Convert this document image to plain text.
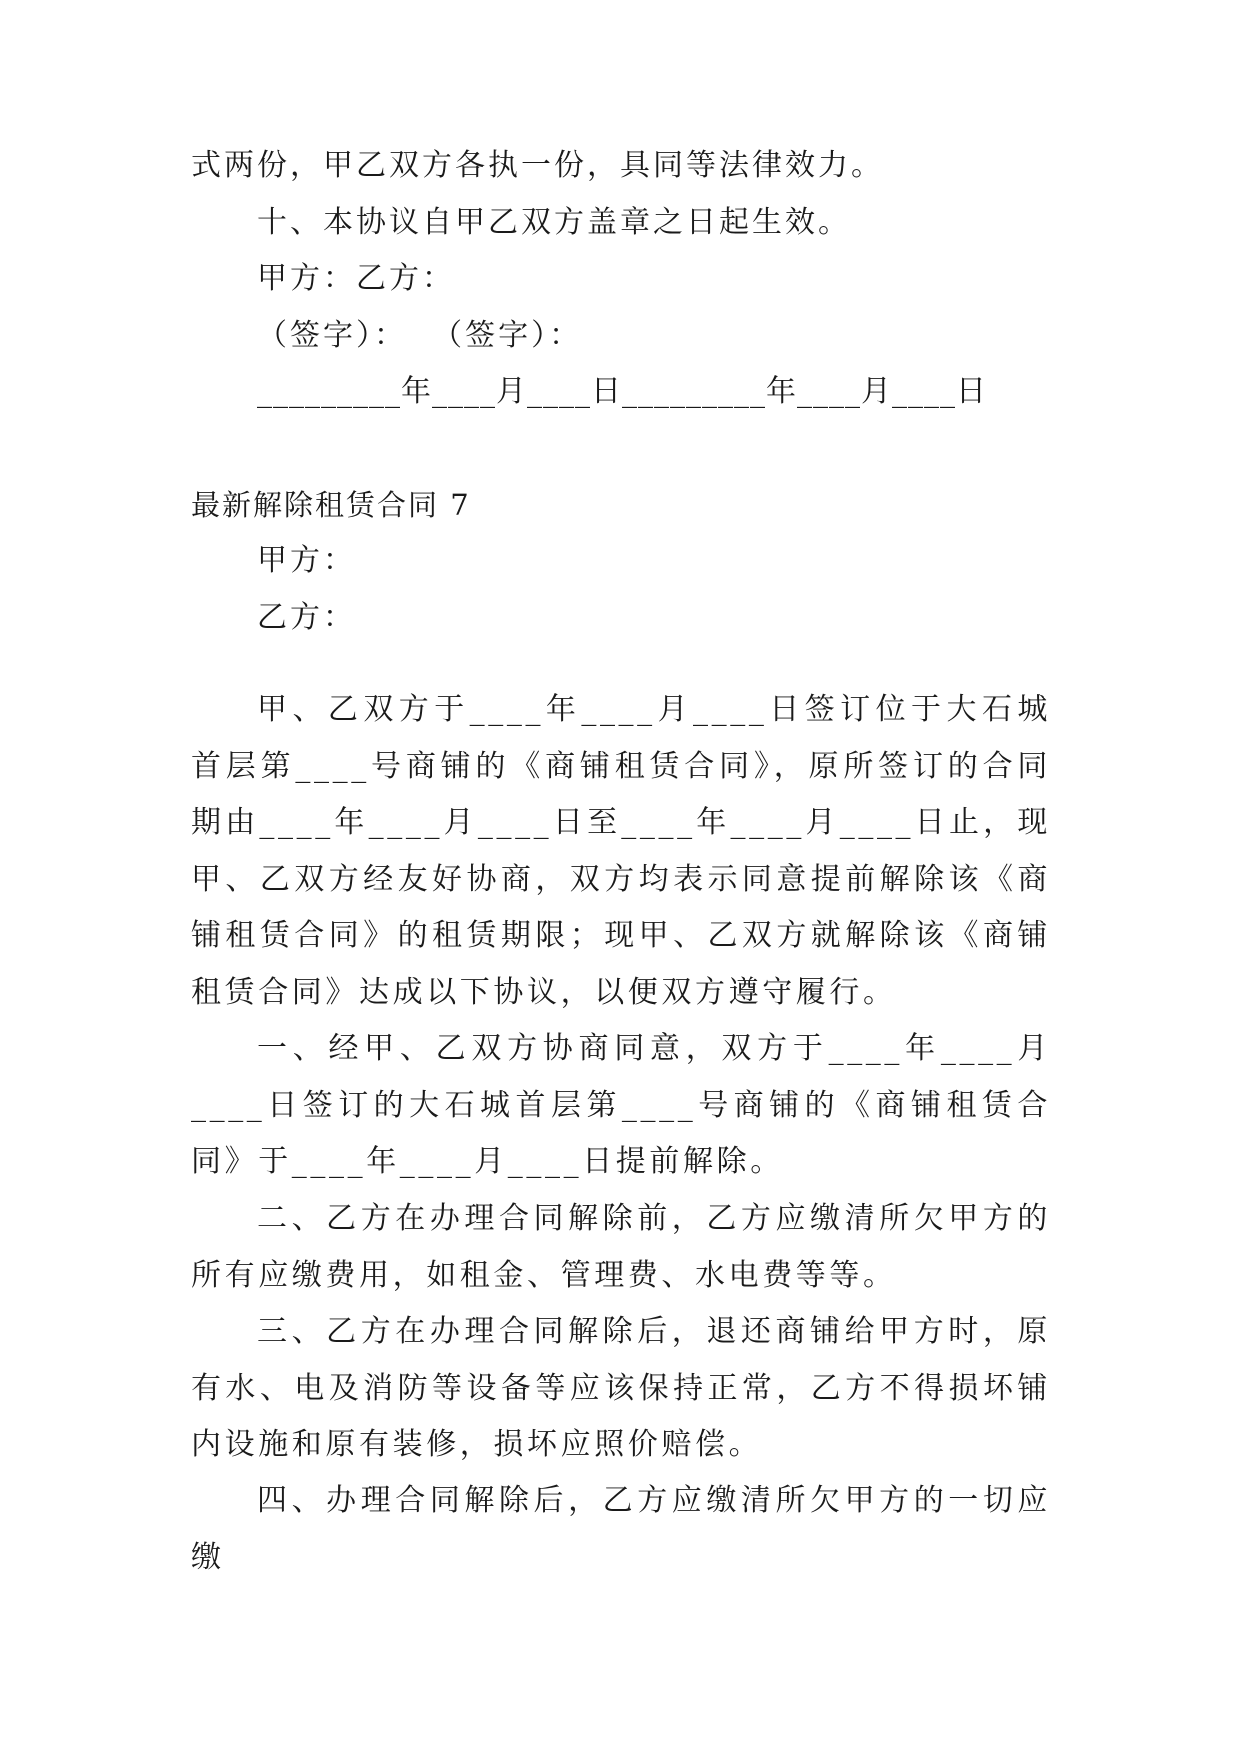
式两份，甲乙双方各执一份，具同等法律效力。
十、本协议自甲乙双方盖章之日起生效。
甲方：乙方：
（签字）：  （签字）：
_________年____月____日_________年____月____日
最新解除租赁合同 7
甲方：
乙方：

甲、乙双方于____年____月____日签订位于大石城首层第____号商铺的《商铺租赁合同》，原所签订的合同期由____年____月____日至____年____月____日止，现甲、乙双方经友好协商，双方均表示同意提前解除该《商铺租赁合同》的租赁期限；现甲、乙双方就解除该《商铺租赁合同》达成以下协议，以便双方遵守履行。

一、经甲、乙双方协商同意，双方于____年____月____日签订的大石城首层第____号商铺的《商铺租赁合同》于____年____月____日提前解除。

二、乙方在办理合同解除前，乙方应缴清所欠甲方的所有应缴费用，如租金、管理费、水电费等等。

三、乙方在办理合同解除后，退还商铺给甲方时，原有水、电及消防等设备等应该保持正常，乙方不得损坏铺内设施和原有装修，损坏应照价赔偿。

四、办理合同解除后，乙方应缴清所欠甲方的一切应缴
